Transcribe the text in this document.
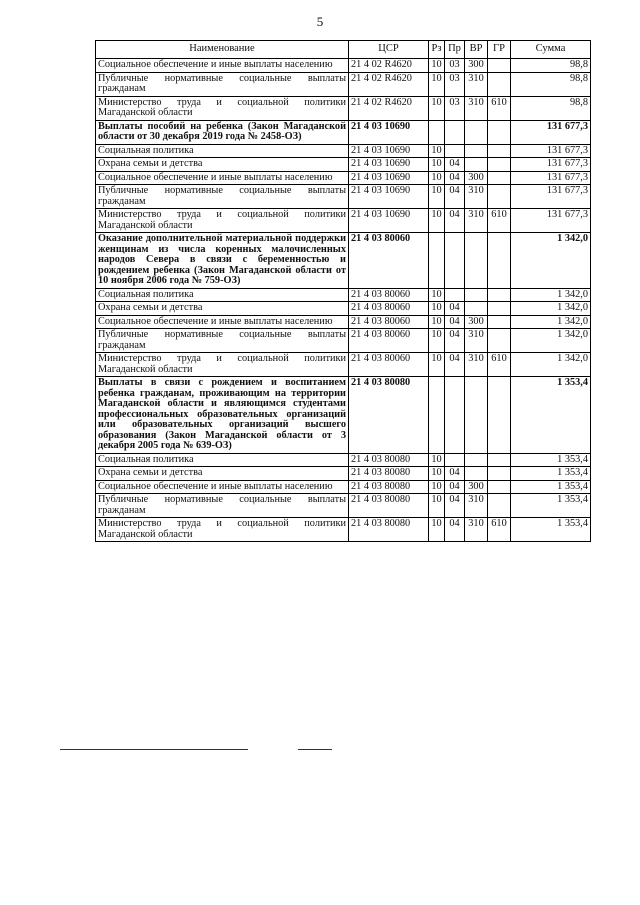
5
Наименование	ЦСР	Рз	Пр	ВР	ГР	Сумма
Социальное обеспечение и иные выплаты населению	21 4 02 R4620	10	03	300		98,8
Публичные нормативные социальные выплаты гражданам	21 4 02 R4620	10	03	310		98,8
Министерство труда и социальной политики Магаданской области	21 4 02 R4620	10	03	310	610	98,8
Выплаты пособий на ребенка (Закон Магаданской области от 30 декабря 2019 года № 2458-ОЗ)	21 4 03 10690					131 677,3
Социальная политика	21 4 03 10690	10				131 677,3
Охрана семьи и детства	21 4 03 10690	10	04			131 677,3
Социальное обеспечение и иные выплаты населению	21 4 03 10690	10	04	300		131 677,3
Публичные нормативные социальные выплаты гражданам	21 4 03 10690	10	04	310		131 677,3
Министерство труда и социальной политики Магаданской области	21 4 03 10690	10	04	310	610	131 677,3
Оказание дополнительной материальной поддержки женщинам из числа коренных малочисленных народов Севера в связи с беременностью и рождением ребенка (Закон Магаданской области от 10 ноября 2006 года № 759-ОЗ)	21 4 03 80060					1 342,0
Социальная политика	21 4 03 80060	10				1 342,0
Охрана семьи и детства	21 4 03 80060	10	04			1 342,0
Социальное обеспечение и иные выплаты населению	21 4 03 80060	10	04	300		1 342,0
Публичные нормативные социальные выплаты гражданам	21 4 03 80060	10	04	310		1 342,0
Министерство труда и социальной политики Магаданской области	21 4 03 80060	10	04	310	610	1 342,0
Выплаты в связи с рождением и воспитанием ребенка гражданам, проживающим на территории Магаданской области и являющимся студентами профессиональных образовательных организаций или образовательных организаций высшего образования (Закон Магаданской области от 3 декабря 2005 года № 639-ОЗ)	21 4 03 80080					1 353,4
Социальная политика	21 4 03 80080	10				1 353,4
Охрана семьи и детства	21 4 03 80080	10	04			1 353,4
Социальное обеспечение и иные выплаты населению	21 4 03 80080	10	04	300		1 353,4
Публичные нормативные социальные выплаты гражданам	21 4 03 80080	10	04	310		1 353,4
Министерство труда и социальной политики Магаданской области	21 4 03 80080	10	04	310	610	1 353,4
